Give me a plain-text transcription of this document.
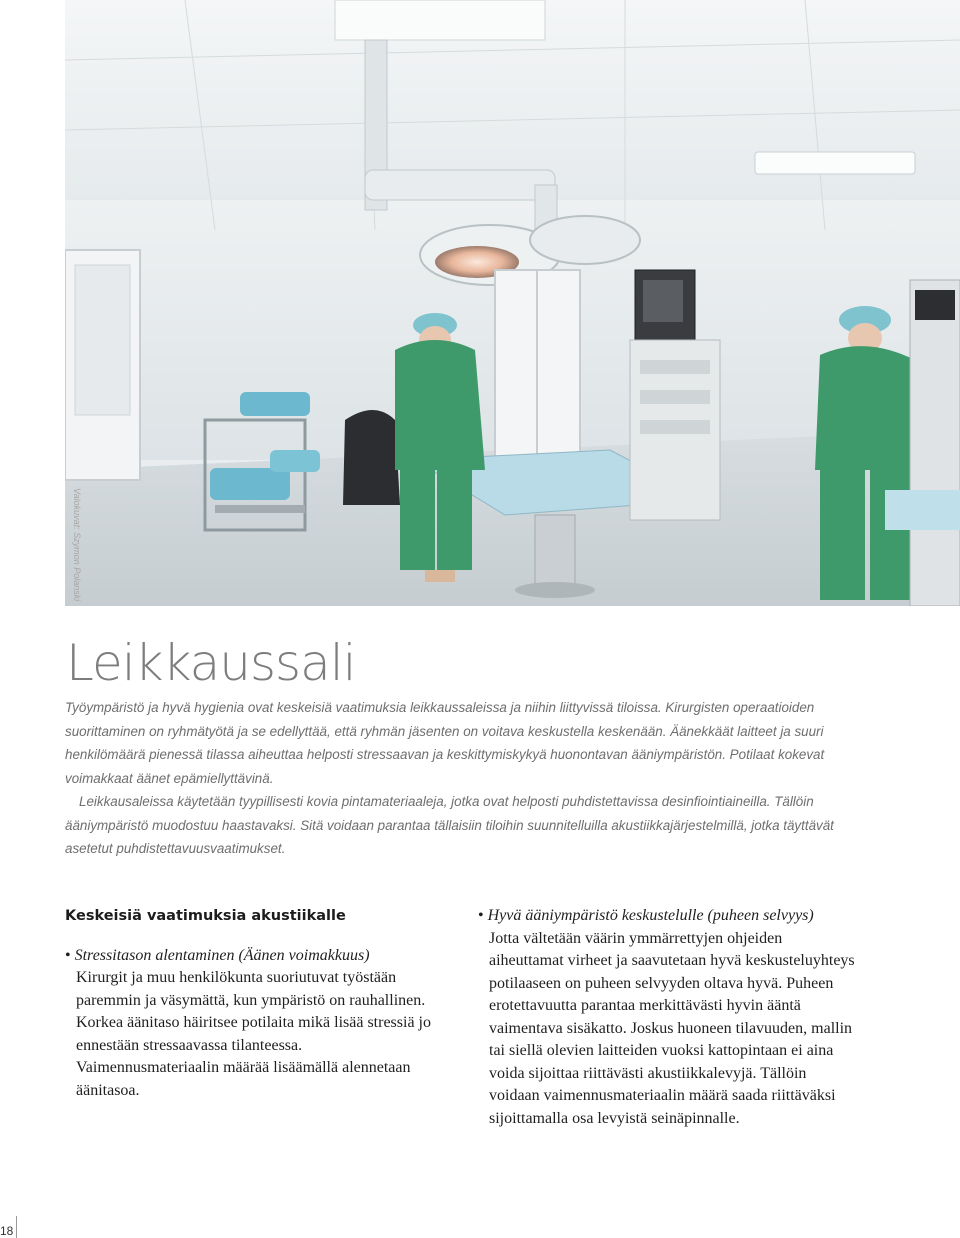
Valokuvat: Szymon Polanski
Leikkaussali

Työympäristö ja hyvä hygienia ovat keskeisiä vaatimuksia leikkaussaleissa ja niihin liittyvissä tiloissa. Kirurgisten operaatioiden suorittaminen on ryhmätyötä ja se edellyttää, että ryhmän jäsenten on voitava keskustella keskenään. Äänekkäät laitteet ja suuri henkilömäärä pienessä tilassa aiheuttaa helposti stressaavan ja keskittymiskykyä huonontavan ääniympäristön. Potilaat kokevat voimakkaat äänet epämiellyttävinä.

Leikkausaleissa käytetään tyypillisesti kovia pintamateriaaleja, jotka ovat helposti puhdistettavissa desinfiointiaineilla. Tällöin ääniympäristö muodostuu haastavaksi. Sitä voidaan parantaa tällaisiin tiloihin suunnitelluilla akustiikkajärjestelmillä, jotka täyttävät asetetut puhdistettavuusvaatimukset.

Keskeisiä vaatimuksia akustiikalle

• Stressitason alentaminen (Äänen voimakkuus)

Kirurgit ja muu henkilökunta suoriutuvat työstään paremmin ja väsymättä, kun ympäristö on rauhallinen. Korkea äänitaso häiritsee potilaita mikä lisää stressiä jo ennestään stressaavassa tilanteessa. Vaimennusmateriaalin määrää lisäämällä alennetaan äänitasoa.

• Hyvä ääniympäristö keskustelulle (puheen selvyys)

Jotta vältetään väärin ymmärrettyjen ohjeiden aiheuttamat virheet ja saavutetaan hyvä keskusteluyhteys potilaaseen on puheen selvyyden oltava hyvä. Puheen erotettavuutta parantaa merkittävästi hyvin ääntä vaimentava sisäkatto. Joskus huoneen tilavuuden, mallin tai siellä olevien laitteiden vuoksi kattopintaan ei aina voida sijoittaa riittävästi akustiikkalevyjä. Tällöin voidaan vaimennusmateriaalin määrä saada riittäväksi sijoittamalla osa levyistä seinäpinnalle.

18
